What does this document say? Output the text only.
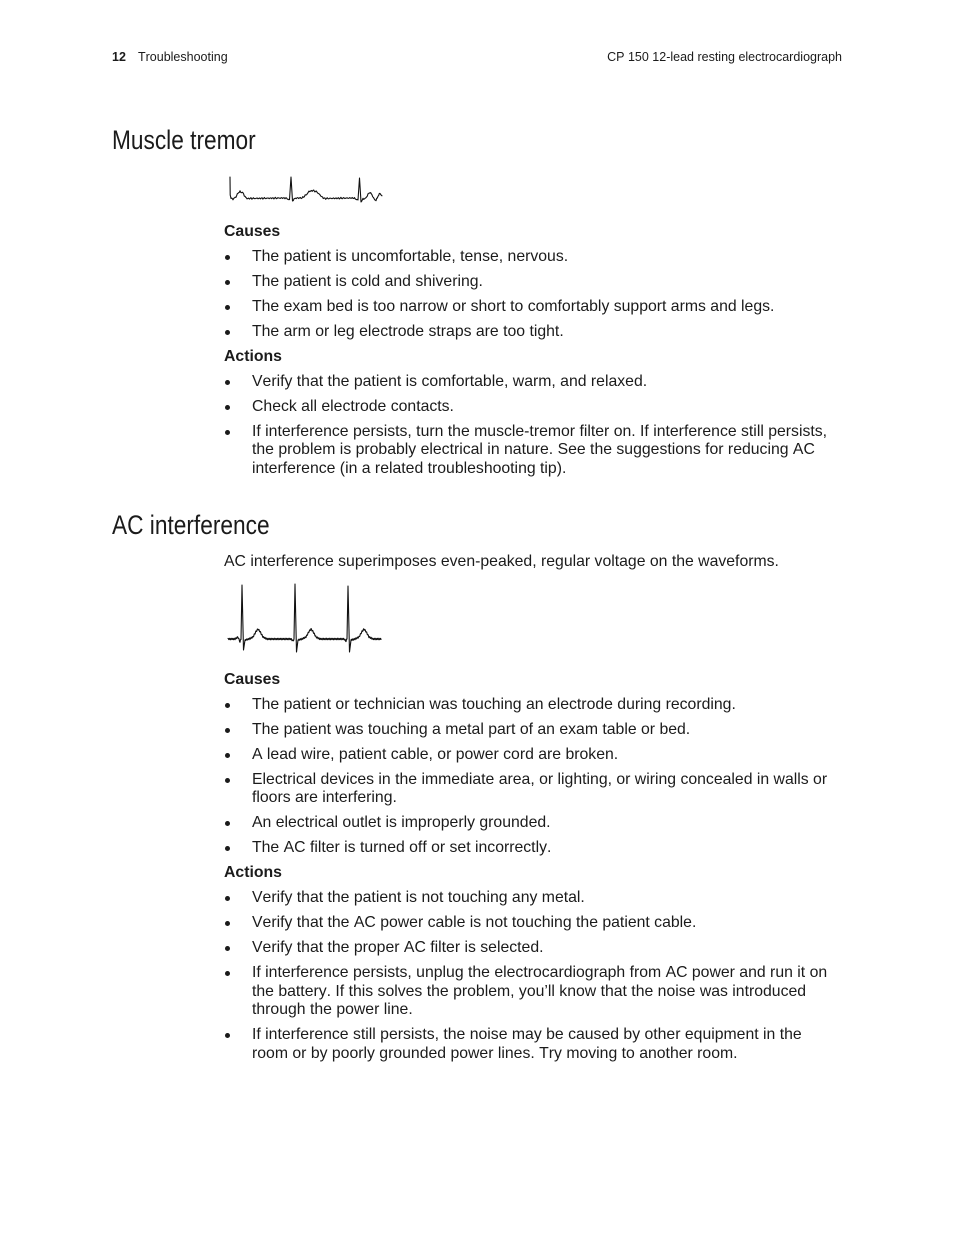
12 Troubleshooting	CP 150 12-lead resting electrocardiograph
Muscle tremor
Causes
The patient is uncomfortable, tense, nervous.
The patient is cold and shivering.
The exam bed is too narrow or short to comfortably support arms and legs.
The arm or leg electrode straps are too tight.
Actions
Verify that the patient is comfortable, warm, and relaxed.
Check all electrode contacts.
If interference persists, turn the muscle-tremor filter on. If interference still persists, the problem is probably electrical in nature. See the suggestions for reducing AC interference (in a related troubleshooting tip).
AC interference

AC interference superimposes even-peaked, regular voltage on the waveforms.

Causes
The patient or technician was touching an electrode during recording.
The patient was touching a metal part of an exam table or bed.
A lead wire, patient cable, or power cord are broken.
Electrical devices in the immediate area, or lighting, or wiring concealed in walls or floors are interfering.
An electrical outlet is improperly grounded.
The AC filter is turned off or set incorrectly.
Actions
Verify that the patient is not touching any metal.
Verify that the AC power cable is not touching the patient cable.
Verify that the proper AC filter is selected.
If interference persists, unplug the electrocardiograph from AC power and run it on the battery. If this solves the problem, you’ll know that the noise was introduced through the power line.
If interference still persists, the noise may be caused by other equipment in the room or by poorly grounded power lines. Try moving to another room.
